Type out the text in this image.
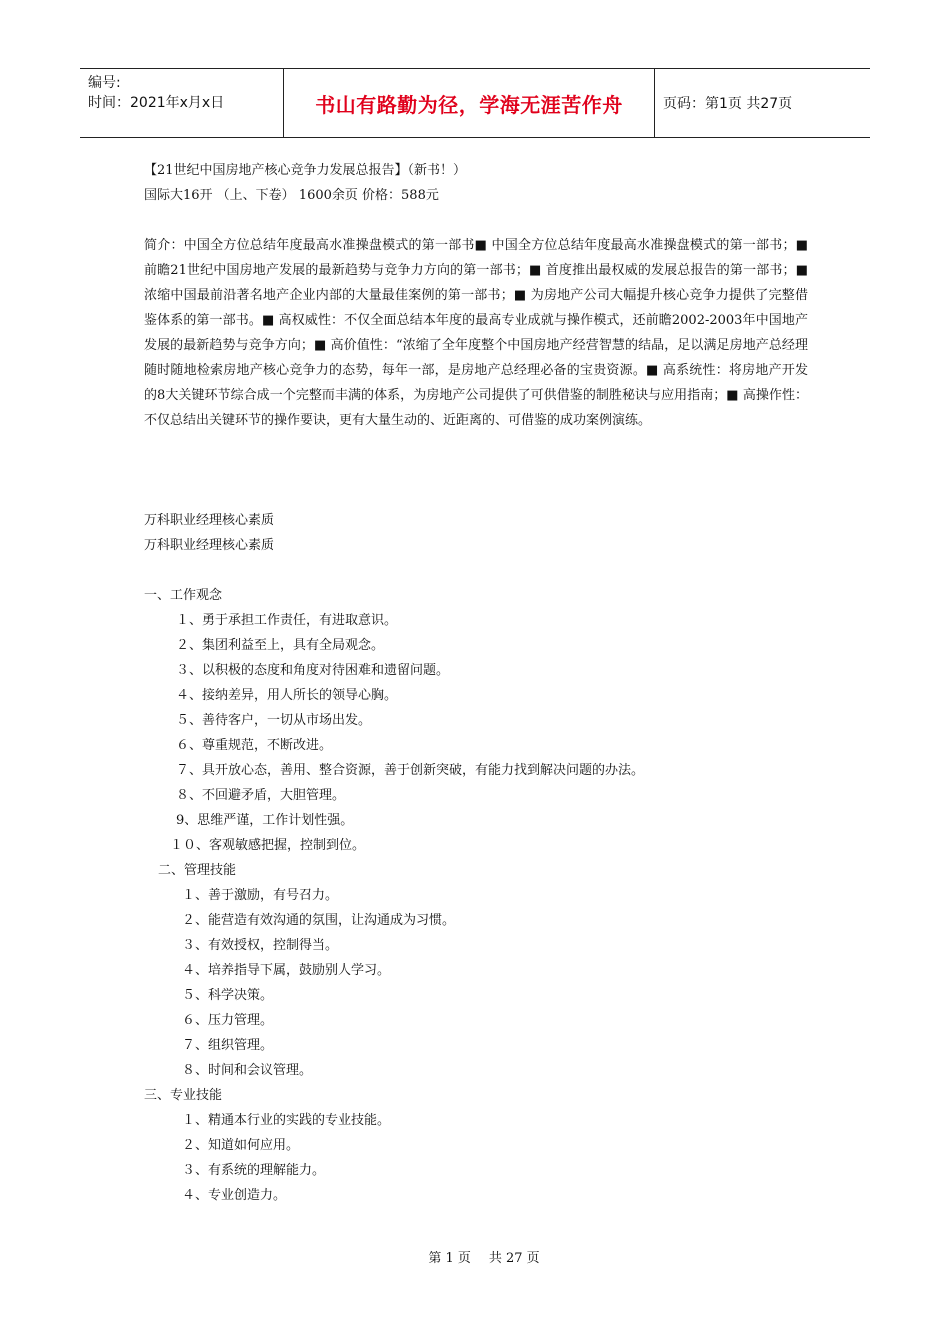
编号:
时间：2021年x月x日	书山有路勤为径，学海无涯苦作舟	页码：第1页 共27页

【21世纪中国房地产核心竞争力发展总报告】（新书！）

国际大16开 （上、下卷） 1600余页 价格：588元

简介：中国全方位总结年度最高水准操盘模式的第一部书■ 中国全方位总结年度最高水准操盘模式的第一部书；■ 前瞻21世纪中国房地产发展的最新趋势与竞争力方向的第一部书；■ 首度推出最权威的发展总报告的第一部书；■ 浓缩中国最前沿著名地产企业内部的大量最佳案例的第一部书；■ 为房地产公司大幅提升核心竞争力提供了完整借鉴体系的第一部书。■ 高权威性：不仅全面总结本年度的最高专业成就与操作模式，还前瞻2002-2003年中国地产发展的最新趋势与竞争方向；■ 高价值性：“浓缩了全年度整个中国房地产经营智慧的结晶，足以满足房地产总经理随时随地检索房地产核心竞争力的态势，每年一部，是房地产总经理必备的宝贵资源。■ 高系统性：将房地产开发的8大关键环节综合成一个完整而丰满的体系，为房地产公司提供了可供借鉴的制胜秘诀与应用指南；■ 高操作性：不仅总结出关键环节的操作要诀，更有大量生动的、近距离的、可借鉴的成功案例演练。

万科职业经理核心素质

万科职业经理核心素质

一、工作观念

１、勇于承担工作责任，有进取意识。

２、集团利益至上，具有全局观念。

３、以积极的态度和角度对待困难和遗留问题。

４、接纳差异，用人所长的领导心胸。

５、善待客户，一切从市场出发。

６、尊重规范，不断改进。

７、具开放心态，善用、整合资源，善于创新突破，有能力找到解决问题的办法。

８、不回避矛盾，大胆管理。

9、思维严谨，工作计划性强。

１０、客观敏感把握，控制到位。

二、管理技能

１、善于激励，有号召力。

２、能营造有效沟通的氛围，让沟通成为习惯。

３、有效授权，控制得当。

４、培养指导下属，鼓励别人学习。

５、科学决策。

６、压力管理。

７、组织管理。

８、时间和会议管理。

三、专业技能

１、精通本行业的实践的专业技能。

２、知道如何应用。

３、有系统的理解能力。

４、专业创造力。

第 1 页 共 27 页
